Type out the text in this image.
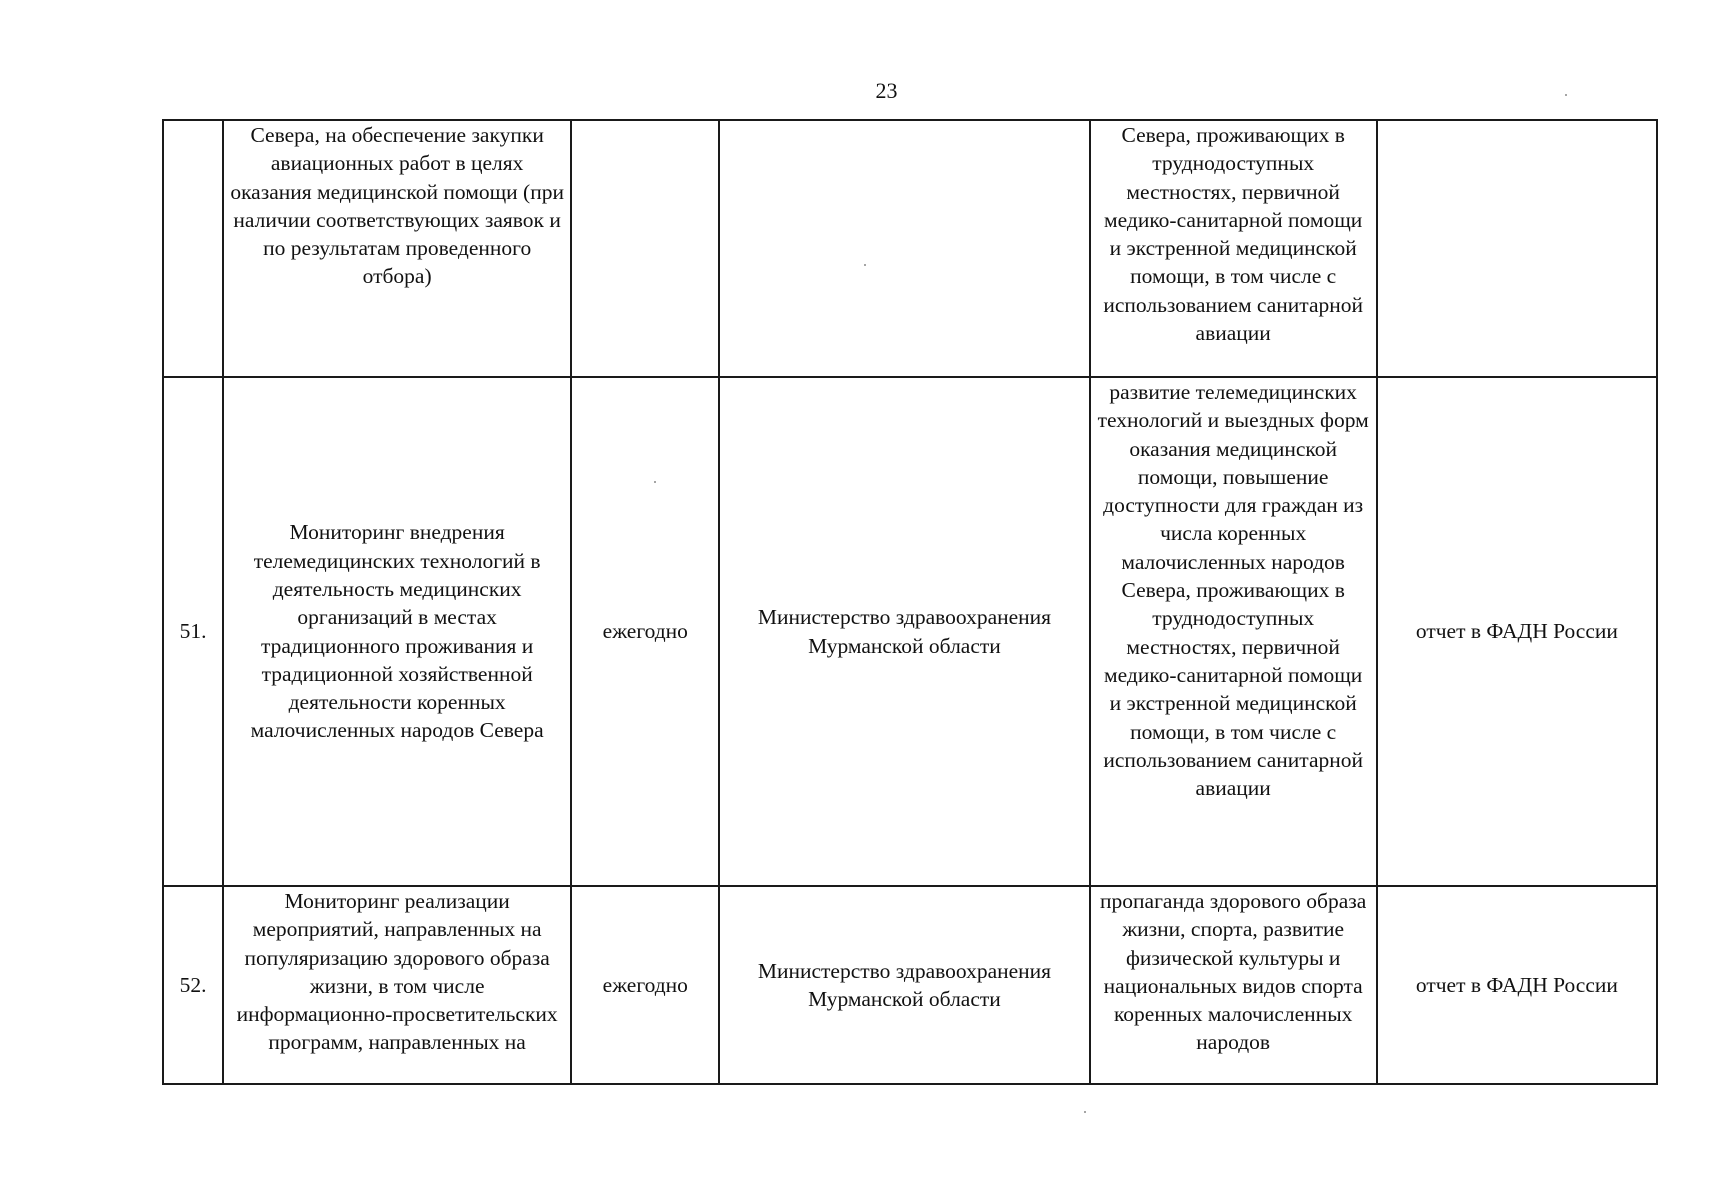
23

	Севера, на обеспечение закупки авиационных работ в целях оказания медицинской помощи (при наличии соответствующих заявок и по результатам проведенного отбора)			Севера, проживающих в труднодоступных местностях, первичной медико-санитарной помощи и экстренной медицинской помощи, в том числе с использованием санитарной авиации	

51.	Мониторинг внедрения телемедицинских технологий в деятельность медицинских организаций в местах традиционного проживания и традиционной хозяйственной деятельности коренных малочисленных народов Севера	ежегодно	Министерство здравоохранения Мурманской области	развитие телемедицинских технологий и выездных форм оказания медицинской помощи, повышение доступности для граждан из числа коренных малочисленных народов Севера, проживающих в труднодоступных местностях, первичной медико-санитарной помощи и экстренной медицинской помощи, в том числе с использованием санитарной авиации	отчет в ФАДН России

52.	Мониторинг реализации мероприятий, направленных на популяризацию здорового образа жизни, в том числе информационно-просветительских программ, направленных на	ежегодно	Министерство здравоохранения Мурманской области	пропаганда здорового образа жизни, спорта, развитие физической культуры и национальных видов спорта коренных малочисленных народов	отчет в ФАДН России
